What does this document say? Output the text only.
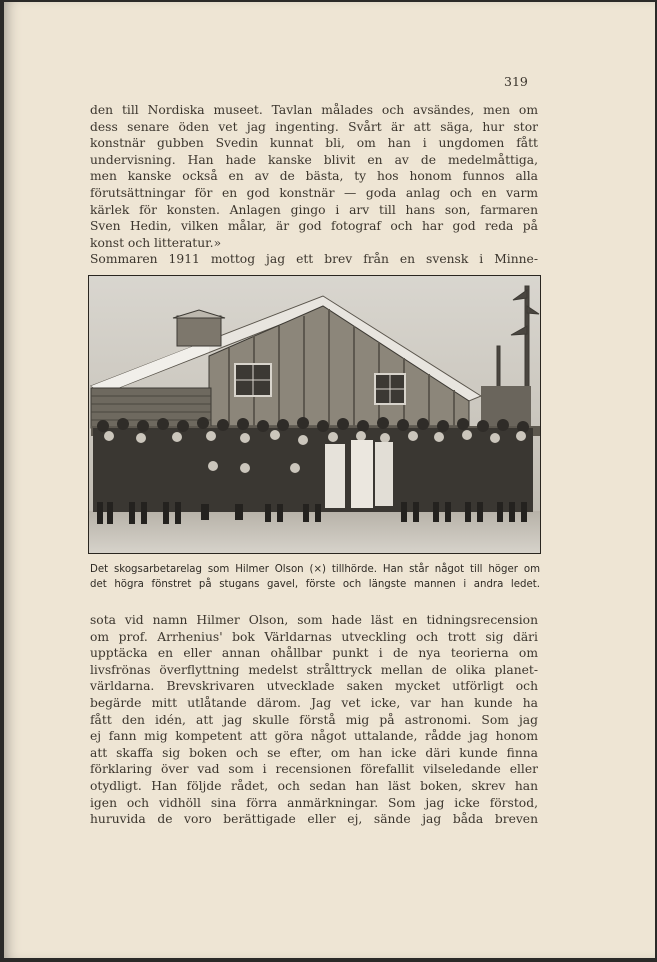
319

den till Nordiska museet. Tavlan målades och avsändes, men om
dess senare öden vet jag ingenting. Svårt är att säga, hur stor
konstnär gubben Svedin kunnat bli, om han i ungdomen fått
undervisning. Han hade kanske blivit en av de medelmåttiga,
men kanske också en av de bästa, ty hos honom funnos alla
förutsättningar för en god konstnär — goda anlag och en varm
kärlek för konsten. Anlagen gingo i arv till hans son, farmaren
Sven Hedin, vilken målar, är god fotograf och har god reda på
konst och litteratur.»
Sommaren 1911 mottog jag ett brev från en svensk i Minne-

Det skogsarbetarelag som Hilmer Olson (×) tillhörde. Han står något till höger om
det högra fönstret på stugans gavel, förste och längste mannen i andra ledet.

sota vid namn Hilmer Olson, som hade läst en tidningsrecension
om prof. Arrhenius' bok Världarnas utveckling och trott sig däri
upptäcka en eller annan ohållbar punkt i de nya teorierna om
livsfrönas överflyttning medelst strålttryck mellan de olika planet-
världarna. Brevskrivaren utvecklade saken mycket utförligt och
begärde mitt utlåtande därom. Jag vet icke, var han kunde ha
fått den idén, att jag skulle förstå mig på astronomi. Som jag
ej fann mig kompetent att göra något uttalande, rådde jag honom
att skaffa sig boken och se efter, om han icke däri kunde finna
förklaring över vad som i recensionen förefallit vilseledande eller
otydligt. Han följde rådet, och sedan han läst boken, skrev han
igen och vidhöll sina förra anmärkningar. Som jag icke förstod,
huruvida de voro berättigade eller ej, sände jag båda breven
